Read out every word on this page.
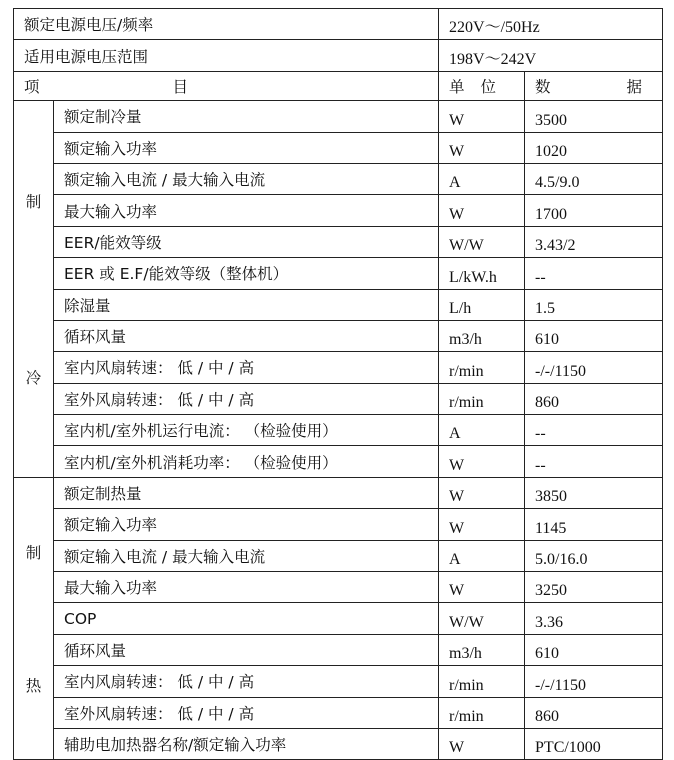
额定电源电压/频率		220V～/50Hz	
适用电源电压范围		198V～242V	

项 目		单 位	数 据

制
冷	额定制冷量	W	3500
	额定输入功率	W	1020
	额定输入电流 / 最大输入电流	A	4.5/9.0
	最大输入功率	W	1700
	EER/能效等级	W/W	3.43/2
	EER 或 E.F/能效等级（整体机）	L/kW.h	--
	除湿量	L/h	1.5
	循环风量	m3/h	610
	室内风扇转速： 低 / 中 / 高	r/min	-/-/1150
	室外风扇转速： 低 / 中 / 高	r/min	860
	室内机/室外机运行电流： （检验使用）	A	--
	室内机/室外机消耗功率： （检验使用）	W	--

制
热	额定制热量	W	3850
	额定输入功率	W	1145
	额定输入电流 / 最大输入电流	A	5.0/16.0
	最大输入功率	W	3250
	COP	W/W	3.36
	循环风量	m3/h	610
	室内风扇转速： 低 / 中 / 高	r/min	-/-/1150
	室外风扇转速： 低 / 中 / 高	r/min	860
	辅助电加热器名称/额定输入功率	W	PTC/1000
